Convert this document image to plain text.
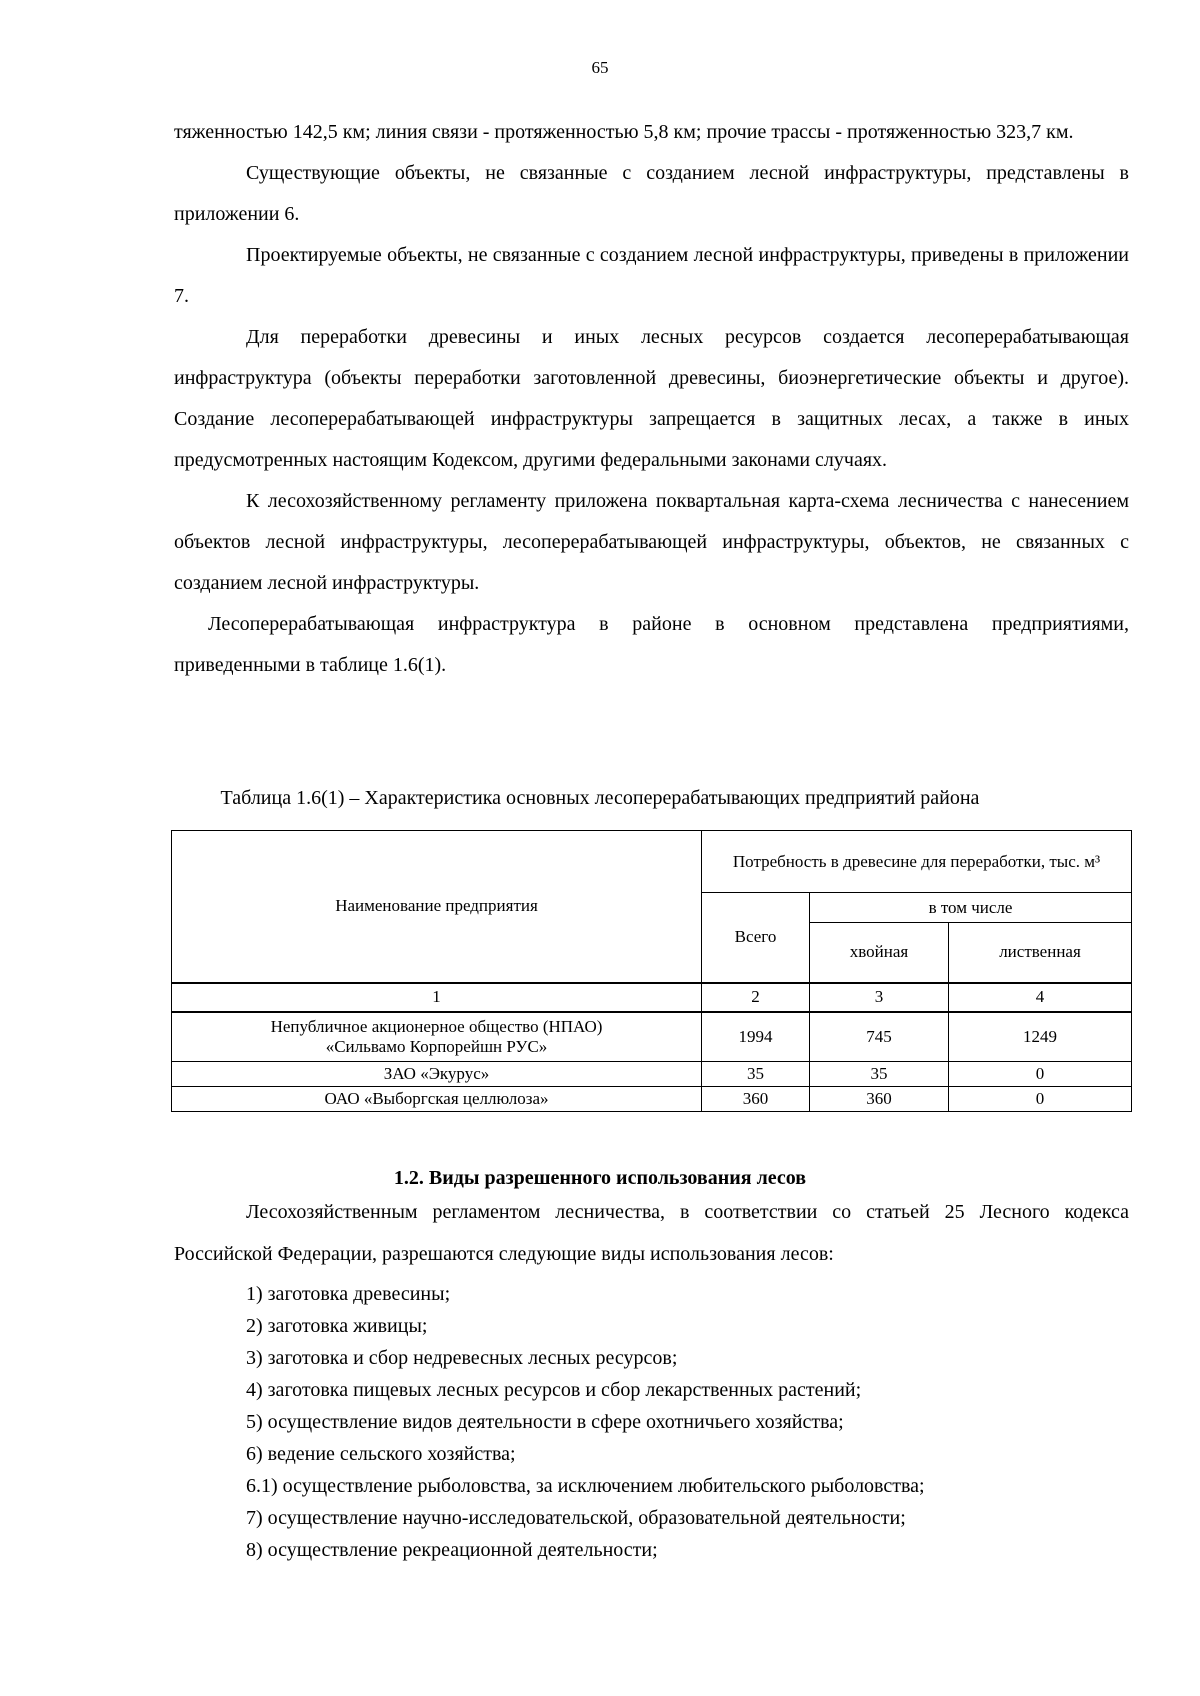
65

тяженностью 142,5 км; линия связи - протяженностью 5,8 км; прочие трассы - протяженностью 323,7 км.

Существующие объекты, не связанные с созданием лесной инфраструктуры, представлены в приложении 6.

Проектируемые объекты, не связанные с созданием лесной инфраструктуры, приведены в приложении 7.

Для переработки древесины и иных лесных ресурсов создается лесоперерабатывающая инфраструктура (объекты переработки заготовленной древесины, биоэнергетические объекты и другое). Создание лесоперерабатывающей инфраструктуры запрещается в защитных лесах, а также в иных предусмотренных настоящим Кодексом, другими федеральными законами случаях.

К лесохозяйственному регламенту приложена поквартальная карта-схема лесничества с нанесением объектов лесной инфраструктуры, лесоперерабатывающей инфраструктуры, объектов, не связанных с созданием лесной инфраструктуры.

Лесоперерабатывающая инфраструктура в районе в основном представлена предприятиями, приведенными в таблице 1.6(1).

Таблица 1.6(1) – Характеристика основных лесоперерабатывающих предприятий района
Наименование предприятия	Потребность в древесине для переработки, тыс. м³		
	Всего	в том числе	
		хвойная	лиственная
1	2	3	4

Непубличное акционерное общество (НПАО)
«Сильвамо Корпорейшн РУС»	1994	745	1249
ЗАО «Экурус»	35	35	0
ОАО «Выборгская целлюлоза»	360	360	0
1.2. Виды разрешенного использования лесов

Лесохозяйственным регламентом лесничества, в соответствии со статьей 25 Лесного кодекса Российской Федерации, разрешаются следующие виды использования лесов:

1) заготовка древесины;
2) заготовка живицы;
3) заготовка и сбор недревесных лесных ресурсов;
4) заготовка пищевых лесных ресурсов и сбор лекарственных растений;
5) осуществление видов деятельности в сфере охотничьего хозяйства;
6) ведение сельского хозяйства;
6.1) осуществление рыболовства, за исключением любительского рыболовства;
7) осуществление научно-исследовательской, образовательной деятельности;
8) осуществление рекреационной деятельности;
